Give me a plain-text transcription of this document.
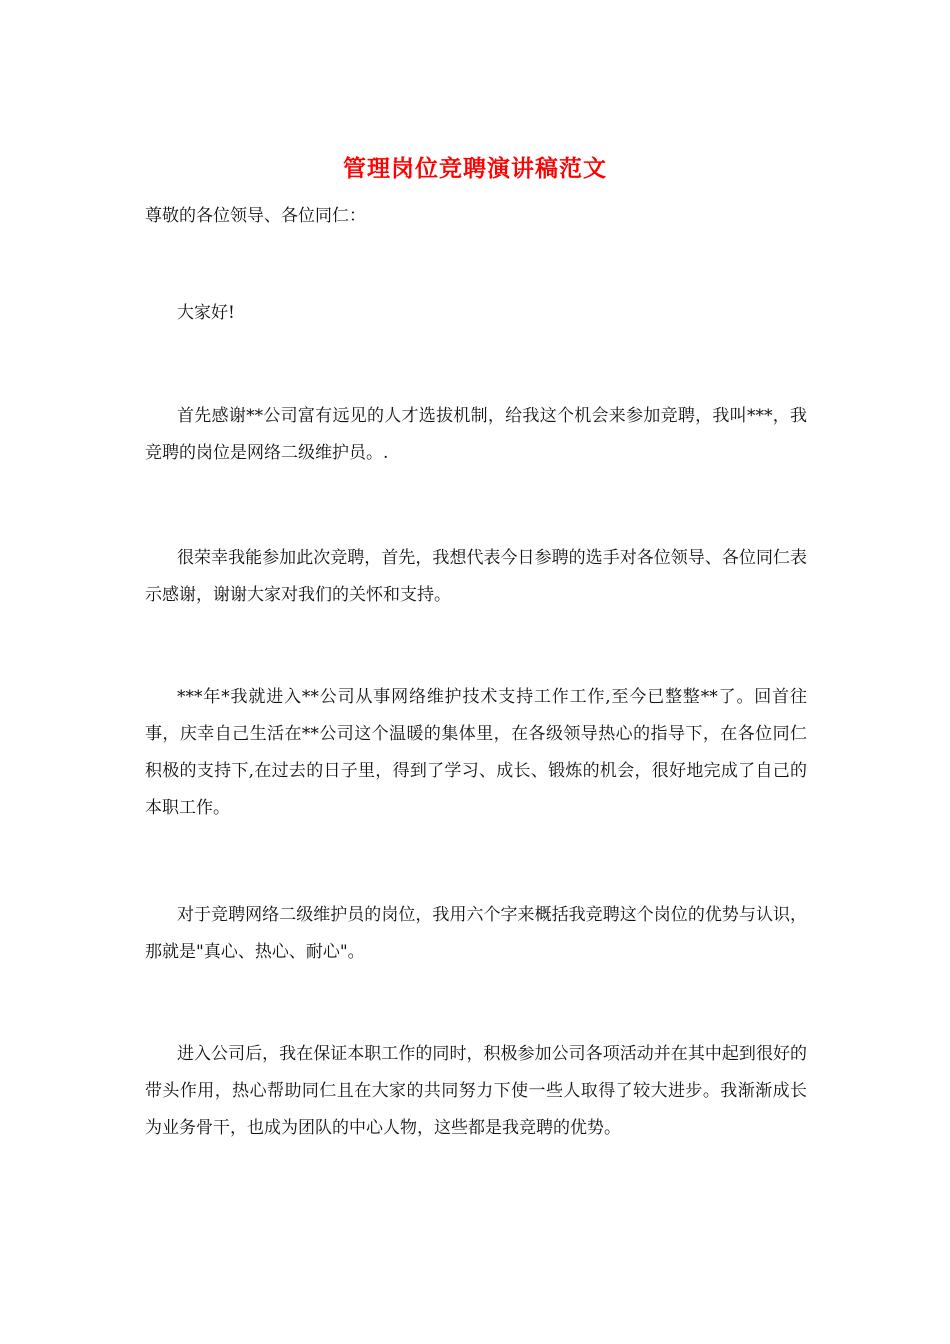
管理岗位竞聘演讲稿范文
尊敬的各位领导、各位同仁：

大家好!

首先感谢**公司富有远见的人才选拔机制，给我这个机会来参加竞聘，我叫***，我竞聘的岗位是网络二级维护员。.

很荣幸我能参加此次竞聘，首先，我想代表今日参聘的选手对各位领导、各位同仁表示感谢，谢谢大家对我们的关怀和支持。

***年*我就进入**公司从事网络维护技术支持工作工作,至今已整整**了。回首往事，庆幸自己生活在**公司这个温暖的集体里，在各级领导热心的指导下，在各位同仁积极的支持下,在过去的日子里，得到了学习、成长、锻炼的机会，很好地完成了自己的本职工作。

对于竞聘网络二级维护员的岗位，我用六个字来概括我竞聘这个岗位的优势与认识，那就是"真心、热心、耐心"。

进入公司后，我在保证本职工作的同时，积极参加公司各项活动并在其中起到很好的带头作用，热心帮助同仁且在大家的共同努力下使一些人取得了较大进步。我渐渐成长为业务骨干，也成为团队的中心人物，这些都是我竞聘的优势。
